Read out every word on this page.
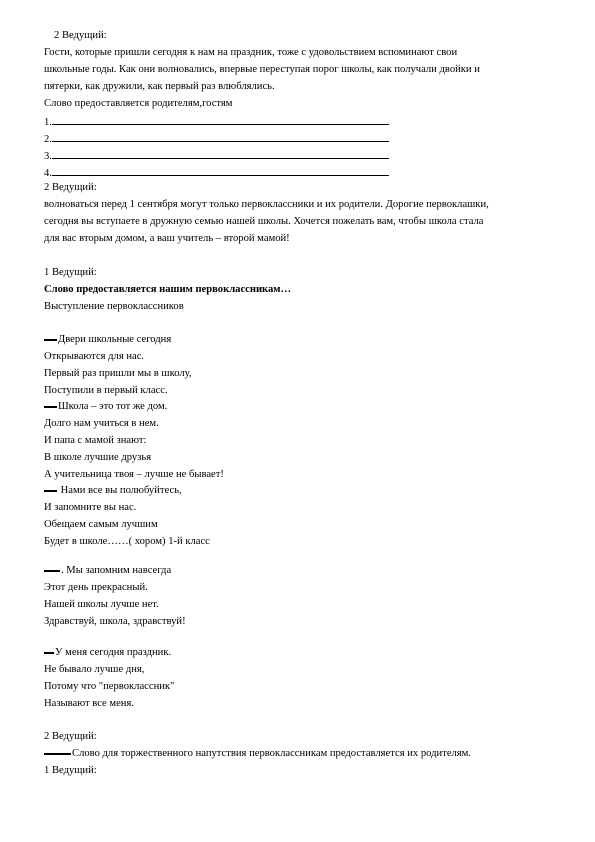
2 Ведущий:
Гости, которые пришли сегодня к нам на праздник, тоже с удовольствием вспоминают свои
школьные годы. Как они волновались, впервые переступая порог школы, как получали двойки и
пятерки, как дружили, как первый раз влюблялись.
Слово предоставляется родителям,гостям
1.
2.
3.
4.
2 Ведущий:
волноваться перед 1 сентября могут только первоклассники и их родители. Дорогие первоклашки,
сегодня вы вступаете в дружную семью нашей школы. Хочется пожелать вам, чтобы школа стала
для вас вторым домом, а ваш учитель – второй мамой!
1 Ведущий:
Слово предоставляется нашим первоклассникам…
Выступление первоклассников
Двери школьные сегодня
Открываются для нас.
Первый раз пришли мы в школу,
Поступили в первый класс.
Школа – это тот же дом.
Долго нам учиться в нем.
И папа с мамой знают:
В школе лучшие друзья
А учительница твоя – лучше не бывает!
Нами все вы полюбуйтесь,
И запомните вы нас.
Обещаем самым лучшим
Будет в школе……( хором) 1-й класс
. Мы запомним навсегда
Этот день прекрасный.
Нашей школы лучше нет.
Здравствуй, школа, здравствуй!
У меня сегодня праздник.
Не бывало лучше дня,
Потому что "первоклассник"
Называют все меня.
2 Ведущий:
Слово для торжественного напутствия первоклассникам предоставляется их родителям.
1 Ведущий:
